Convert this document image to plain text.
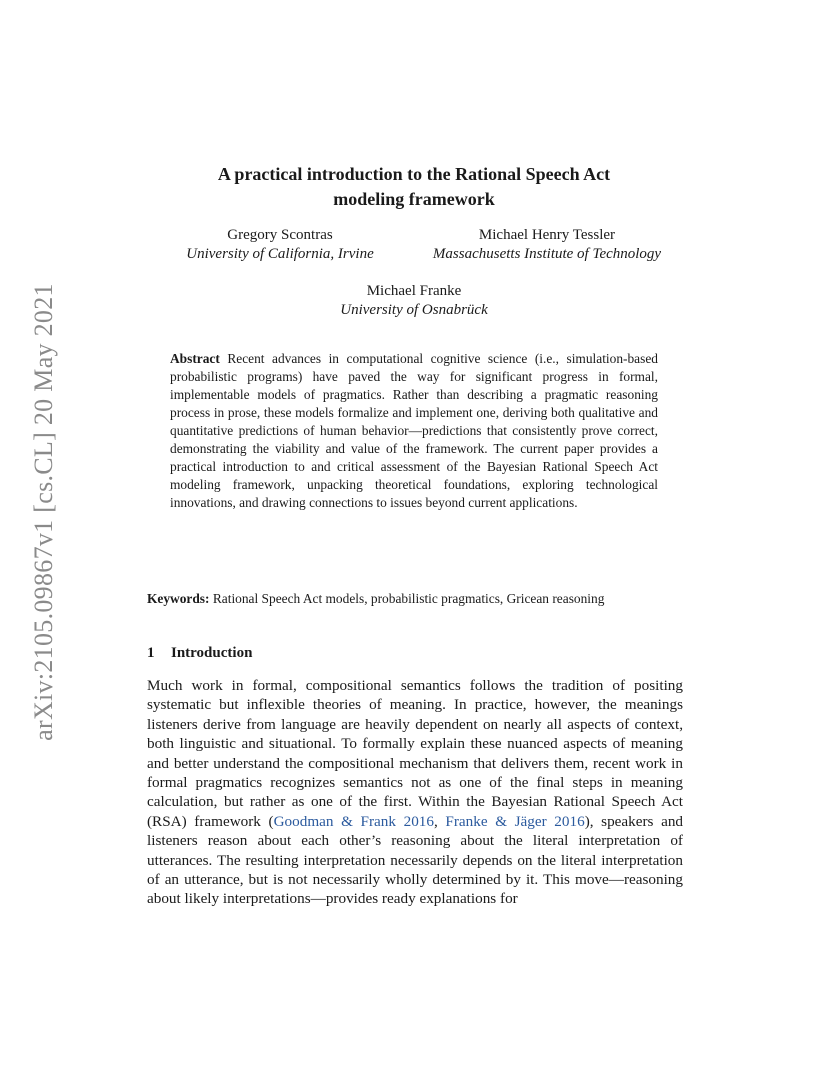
arXiv:2105.09867v1 [cs.CL] 20 May 2021
A practical introduction to the Rational Speech Act
modeling framework
Gregory Scontras
University of California, Irvine
Michael Henry Tessler
Massachusetts Institute of Technology
Michael Franke
University of Osnabrück
Abstract Recent advances in computational cognitive science (i.e., simulation-based probabilistic programs) have paved the way for significant progress in formal, implementable models of pragmatics. Rather than describing a pragmatic reasoning process in prose, these models formalize and implement one, deriving both qualitative and quantitative predictions of human behavior—predictions that consistently prove correct, demonstrating the viability and value of the framework. The current paper provides a practical introduction to and critical assessment of the Bayesian Rational Speech Act modeling framework, unpacking theoretical foundations, exploring technological innovations, and drawing connections to issues beyond current applications.
Keywords: Rational Speech Act models, probabilistic pragmatics, Gricean reasoning
1 Introduction
Much work in formal, compositional semantics follows the tradition of positing systematic but inflexible theories of meaning. In practice, however, the meanings listeners derive from language are heavily dependent on nearly all aspects of context, both linguistic and situational. To formally explain these nuanced aspects of meaning and better understand the compositional mechanism that delivers them, recent work in formal pragmatics recognizes semantics not as one of the final steps in meaning calculation, but rather as one of the first. Within the Bayesian Rational Speech Act (RSA) framework (Goodman & Frank 2016, Franke & Jäger 2016), speakers and listeners reason about each other’s reasoning about the literal interpretation of utterances. The resulting interpretation necessarily depends on the literal interpretation of an utterance, but is not necessarily wholly determined by it. This move—reasoning about likely interpretations—provides ready explanations for
